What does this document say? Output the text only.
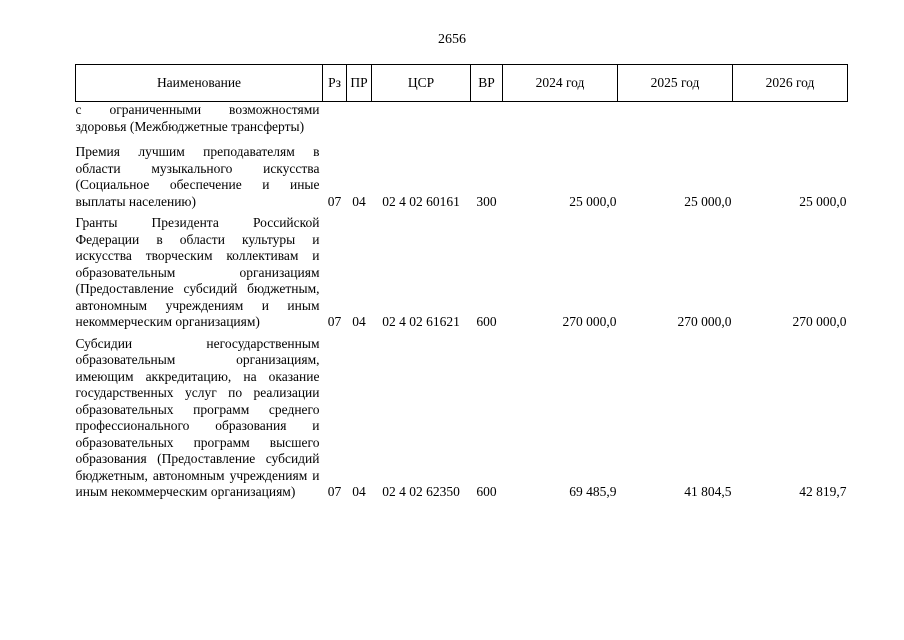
2656
Наименование	Рз	ПР	ЦСР	ВР	2024 год	2025 год	2026 год
с ограниченными возможностями здоровья (Межбюджетные трансферты)							
Премия лучшим преподавателям в области музыкального искусства (Социальное обеспечение и иные выплаты населению)	07	04	02 4 02 60161	300	25 000,0	25 000,0	25 000,0
Гранты Президента Российской Федерации в области культуры и искусства творческим коллективам и образовательным организациям (Предоставление субсидий бюджетным, автономным учреждениям и иным некоммерческим организациям)	07	04	02 4 02 61621	600	270 000,0	270 000,0	270 000,0
Субсидии негосударственным образовательным организациям, имеющим аккредитацию, на оказание государственных услуг по реализации образовательных программ среднего профессионального образования и образовательных программ высшего образования (Предоставление субсидий бюджетным, автономным учреждениям и иным некоммерческим организациям)	07	04	02 4 02 62350	600	69 485,9	41 804,5	42 819,7
